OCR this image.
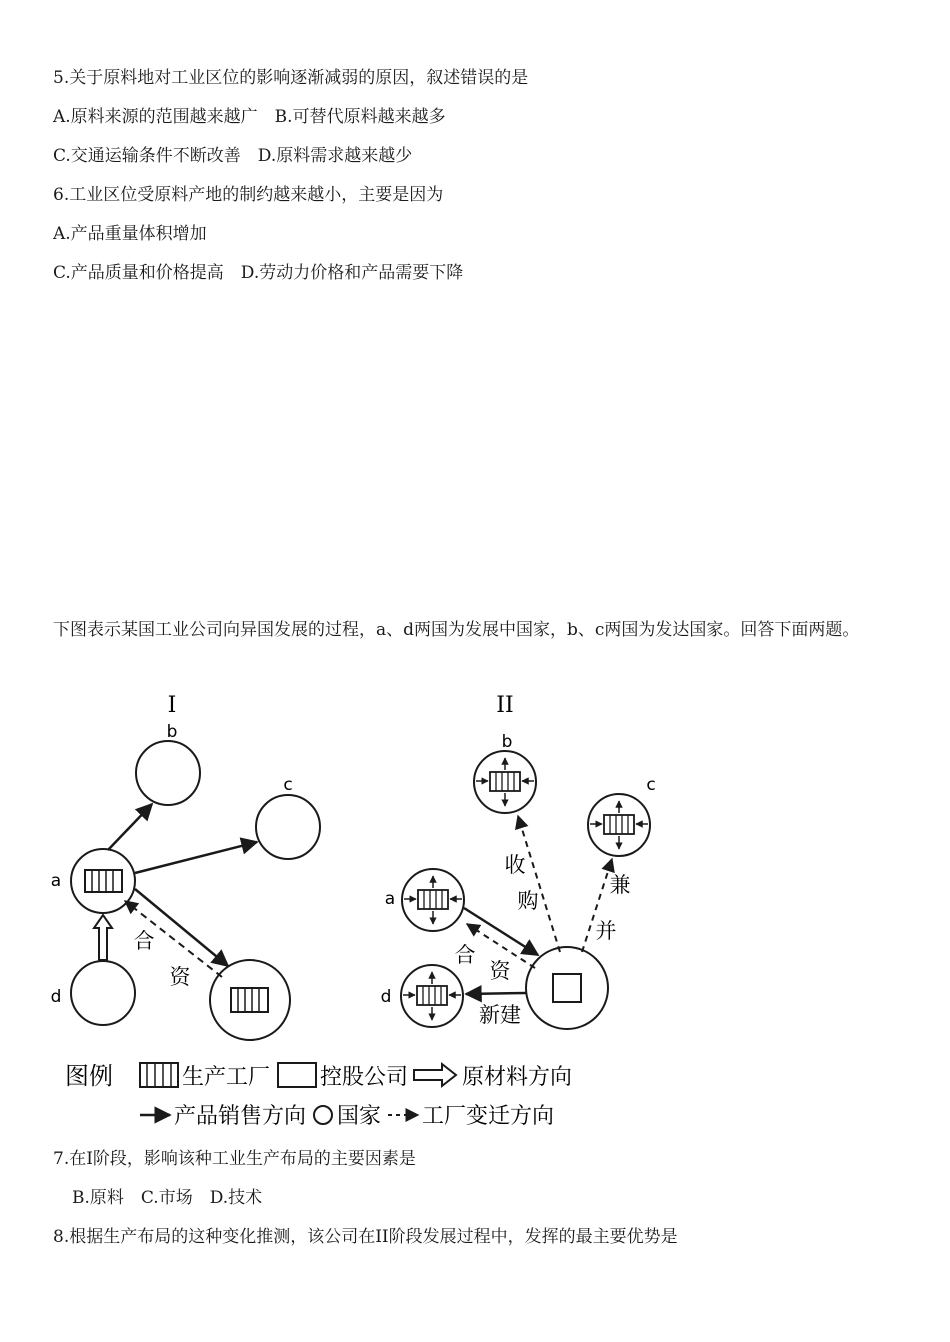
5.关于原料地对工业区位的影响逐渐减弱的原因，叙述错误的是
A.原料来源的范围越来越广　B.可替代原料越来越多
C.交通运输条件不断改善　D.原料需求越来越少
6.工业区位受原料产地的制约越来越小，主要是因为
A.产品重量体积增加
C.产品质量和价格提高　D.劳动力价格和产品需要下降
下图表示某国工业公司向异国发展的过程，a、d两国为发展中国家，b、c两国为发达国家。回答下面两题。
I
b
c
a
d
合
资
II
b
c
a
d
收
购
兼
并
合
资
新建
图例	生产工厂 控股公司 原材料方向
产品销售方向 国家 工厂变迁方向
7.在I阶段，影响该种工业生产布局的主要因素是
B.原料　C.市场　D.技术
8.根据生产布局的这种变化推测，该公司在II阶段发展过程中，发挥的最主要优势是
